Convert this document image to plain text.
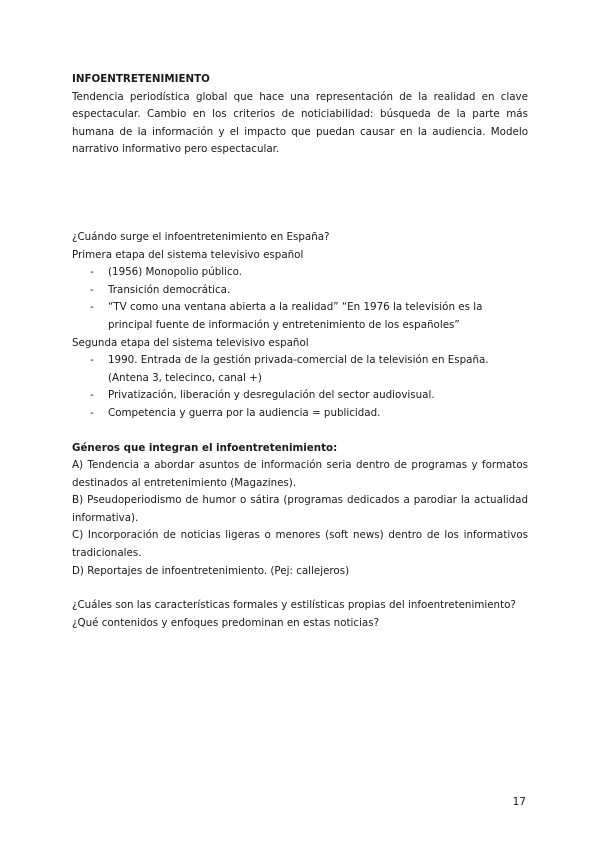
INFOENTRETENIMIENTO
Tendencia periodística global que hace una representación de la realidad en clave espectacular. Cambio en los criterios de noticiabilidad: búsqueda de la parte más humana de la información y el impacto que puedan causar en la audiencia. Modelo narrativo informativo pero espectacular.
¿Cuándo surge el infoentretenimiento en España?
Primera etapa del sistema televisivo español
- (1956) Monopolio público.
- Transición democrática.
- “TV como una ventana abierta a la realidad” “En 1976 la televisión es la principal fuente de información y entretenimiento de los españoles”
Segunda etapa del sistema televisivo español
- 1990. Entrada de la gestión privada-comercial de la televisión en España. (Antena 3, telecinco, canal +)
- Privatización, liberación y desregulación del sector audiovisual.
- Competencia y guerra por la audiencia = publicidad.
Géneros que integran el infoentretenimiento:
A) Tendencia a abordar asuntos de información seria dentro de programas y formatos destinados al entretenimiento (Magazines).
B) Pseudoperiodismo de humor o sátira (programas dedicados a parodiar la actualidad informativa).
C) Incorporación de noticias ligeras o menores (soft news) dentro de los informativos tradicionales.
D) Reportajes de infoentretenimiento. (Pej: callejeros)
¿Cuáles son las características formales y estilísticas propias del infoentretenimiento?
¿Qué contenidos y enfoques predominan en estas noticias?
17
